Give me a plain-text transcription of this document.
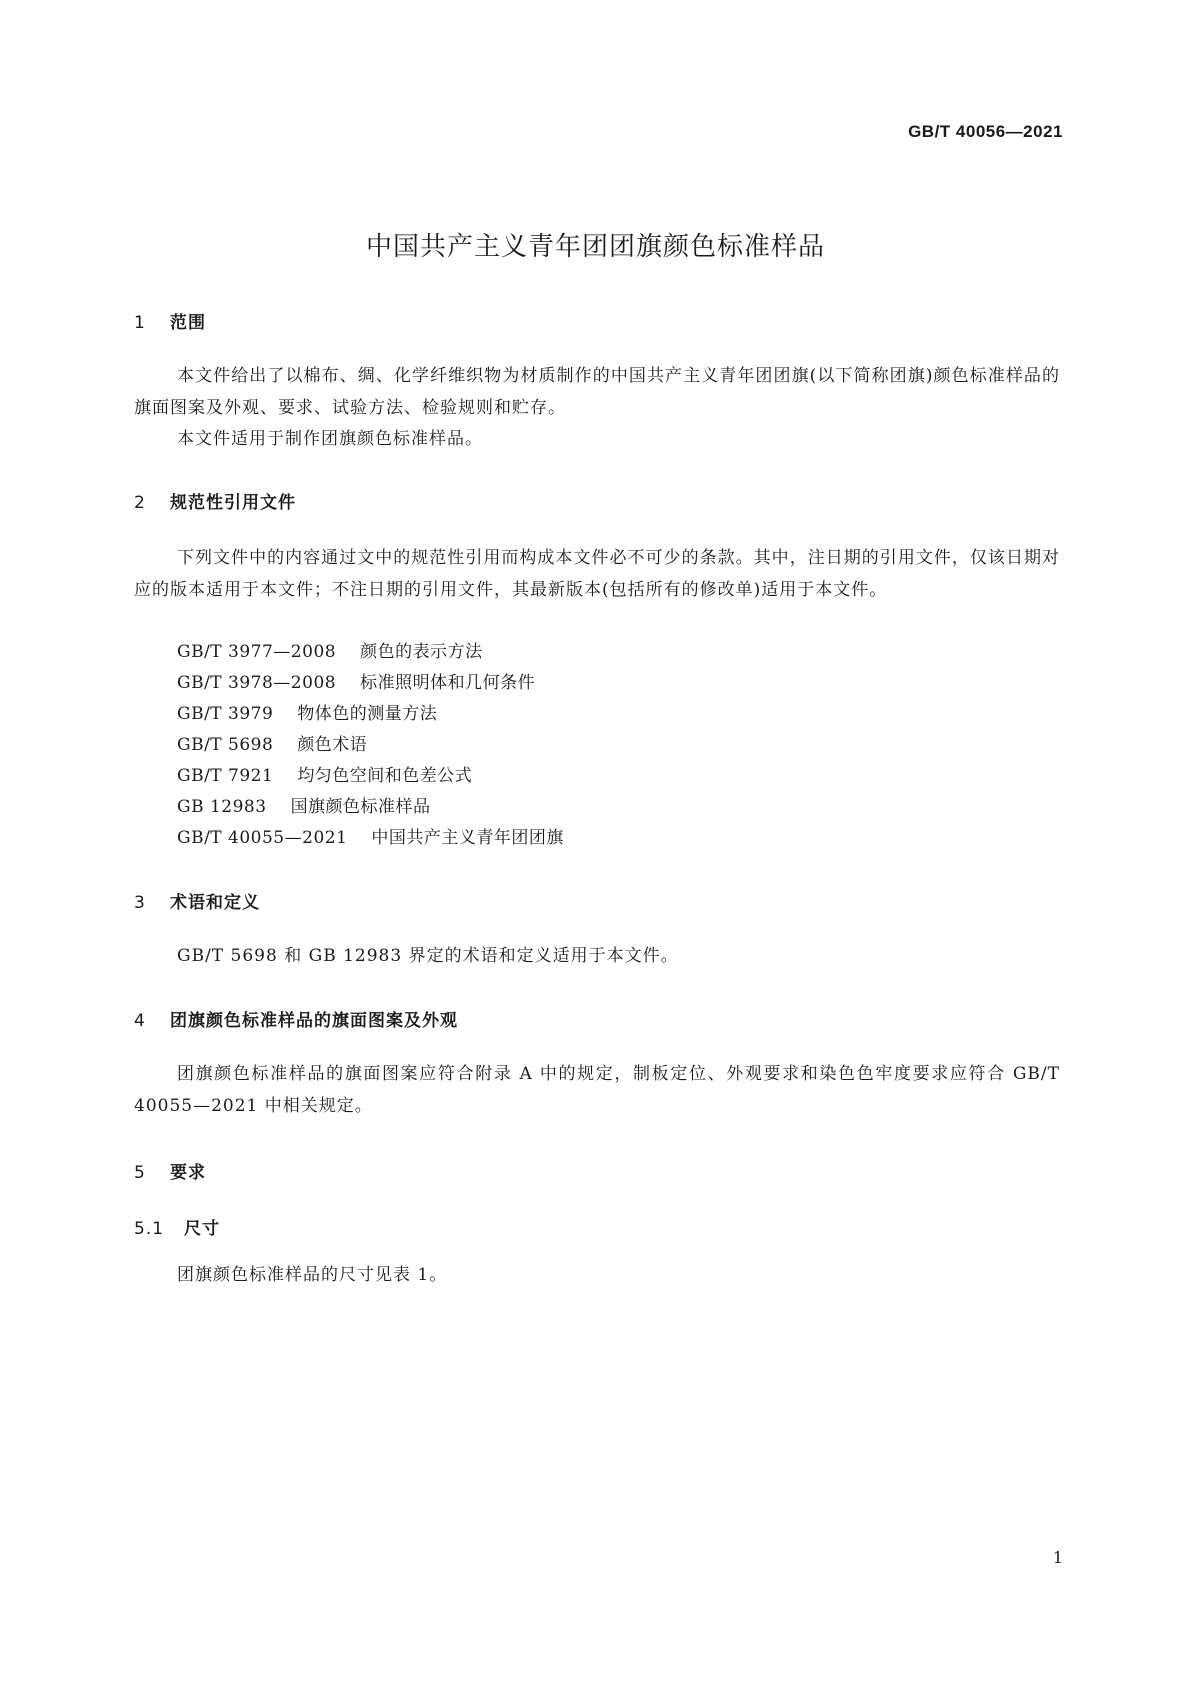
GB/T 40056—2021
中国共产主义青年团团旗颜色标准样品
1 范围
本文件给出了以棉布、绸、化学纤维织物为材质制作的中国共产主义青年团团旗(以下简称团旗)颜色标准样品的旗面图案及外观、要求、试验方法、检验规则和贮存。
本文件适用于制作团旗颜色标准样品。
2 规范性引用文件
下列文件中的内容通过文中的规范性引用而构成本文件必不可少的条款。其中，注日期的引用文件，仅该日期对应的版本适用于本文件；不注日期的引用文件，其最新版本(包括所有的修改单)适用于本文件。
GB/T 3977—2008 颜色的表示方法
GB/T 3978—2008 标准照明体和几何条件
GB/T 3979 物体色的测量方法
GB/T 5698 颜色术语
GB/T 7921 均匀色空间和色差公式
GB 12983 国旗颜色标准样品
GB/T 40055—2021 中国共产主义青年团团旗
3 术语和定义
GB/T 5698 和 GB 12983 界定的术语和定义适用于本文件。
4 团旗颜色标准样品的旗面图案及外观
团旗颜色标准样品的旗面图案应符合附录 A 中的规定，制板定位、外观要求和染色色牢度要求应符合 GB/T 40055—2021 中相关规定。
5 要求
5.1 尺寸
团旗颜色标准样品的尺寸见表 1。
1
